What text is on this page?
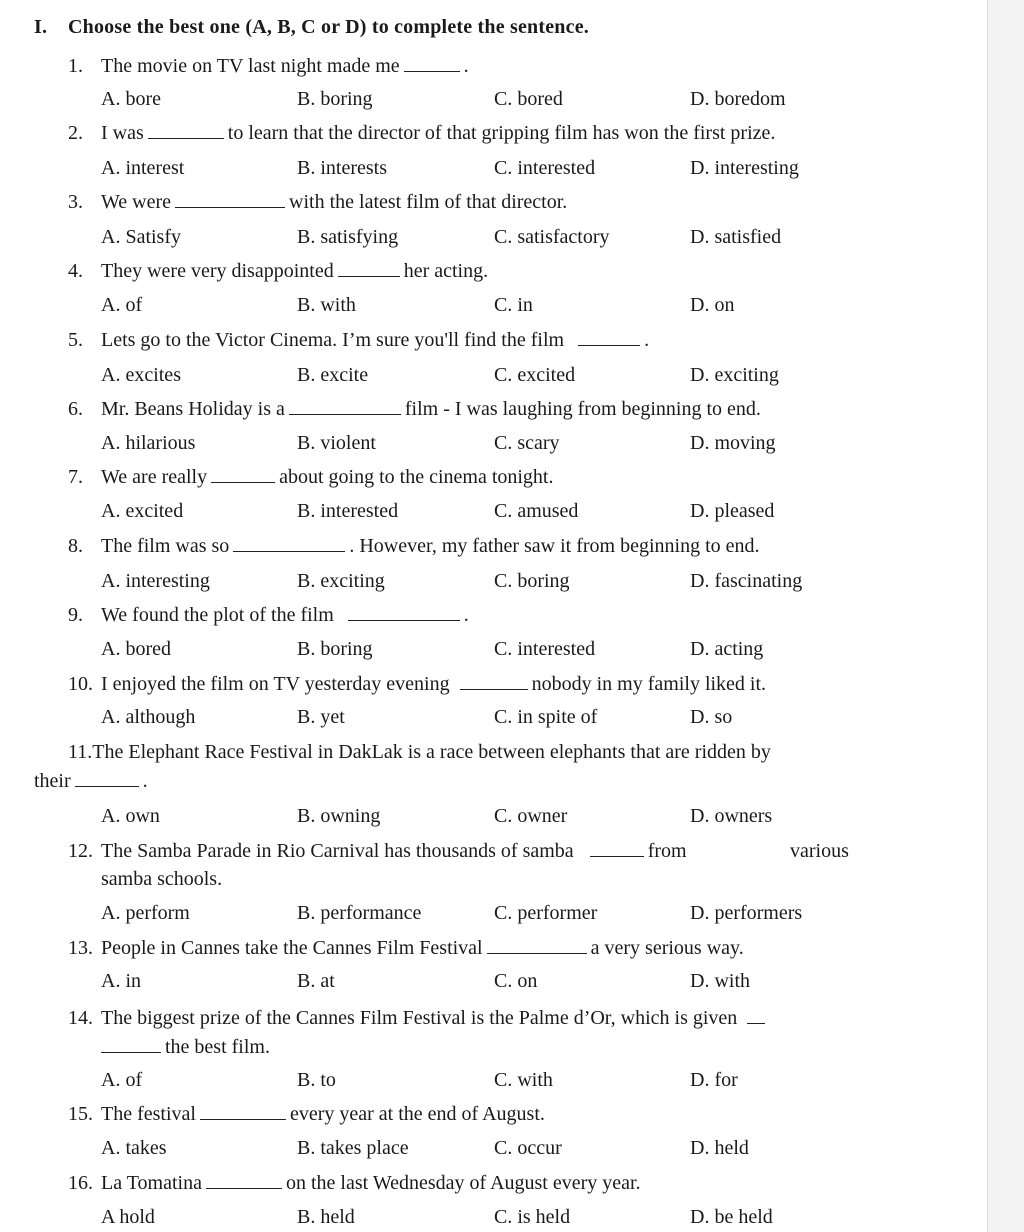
I. Choose the best one (A, B, C or D) to complete the sentence.
1. The movie on TV last night made me	.
A. bore	B. boring	C. bored	D. boredom
2. I was	to learn that the director of that gripping film has won the first prize.
A. interest	B. interests	C. interested	D. interesting
3. We were	with the latest film of that director.
A. Satisfy	B. satisfying	C. satisfactory	D. satisfied
4. They were very disappointed	her acting.
A. of	B. with	C. in	D. on
5. Lets go to the Victor Cinema. I’m sure you'll find the film	.
A. excites	B. excite	C. excited	D. exciting
6. Mr. Beans Holiday is a	film - I was laughing from beginning to end.
A. hilarious	B. violent	C. scary	D. moving
7. We are really	about going to the cinema tonight.
A. excited	B. interested	C. amused	D. pleased
8. The film was so	. However, my father saw it from beginning to end.
A. interesting	B. exciting	C. boring	D. fascinating
9. We found the plot of the film	.
A. bored	B. boring	C. interested	D. acting
10. I enjoyed the film on TV yesterday evening	nobody in my family liked it.
A. although	B. yet	C. in spite of	D. so
11.The Elephant Race Festival in DakLak is a race between elephants that are ridden by
their	.
A. own	B. owning	C. owner	D. owners
12. The Samba Parade in Rio Carnival has thousands of samba	from	various
samba schools.
A. perform	B. performance	C. performer	D. performers
13. People in Cannes take the Cannes Film Festival	a very serious way.
A. in	B. at	C. on	D. with
14. The biggest prize of the Cannes Film Festival is the Palme d’Or, which is given
the best film.
A. of	B. to	C. with	D. for
15. The festival	every year at the end of August.
A. takes	B. takes place	C. occur	D. held
16. La Tomatina	on the last Wednesday of August every year.
A hold	B. held	C. is held	D. be held
